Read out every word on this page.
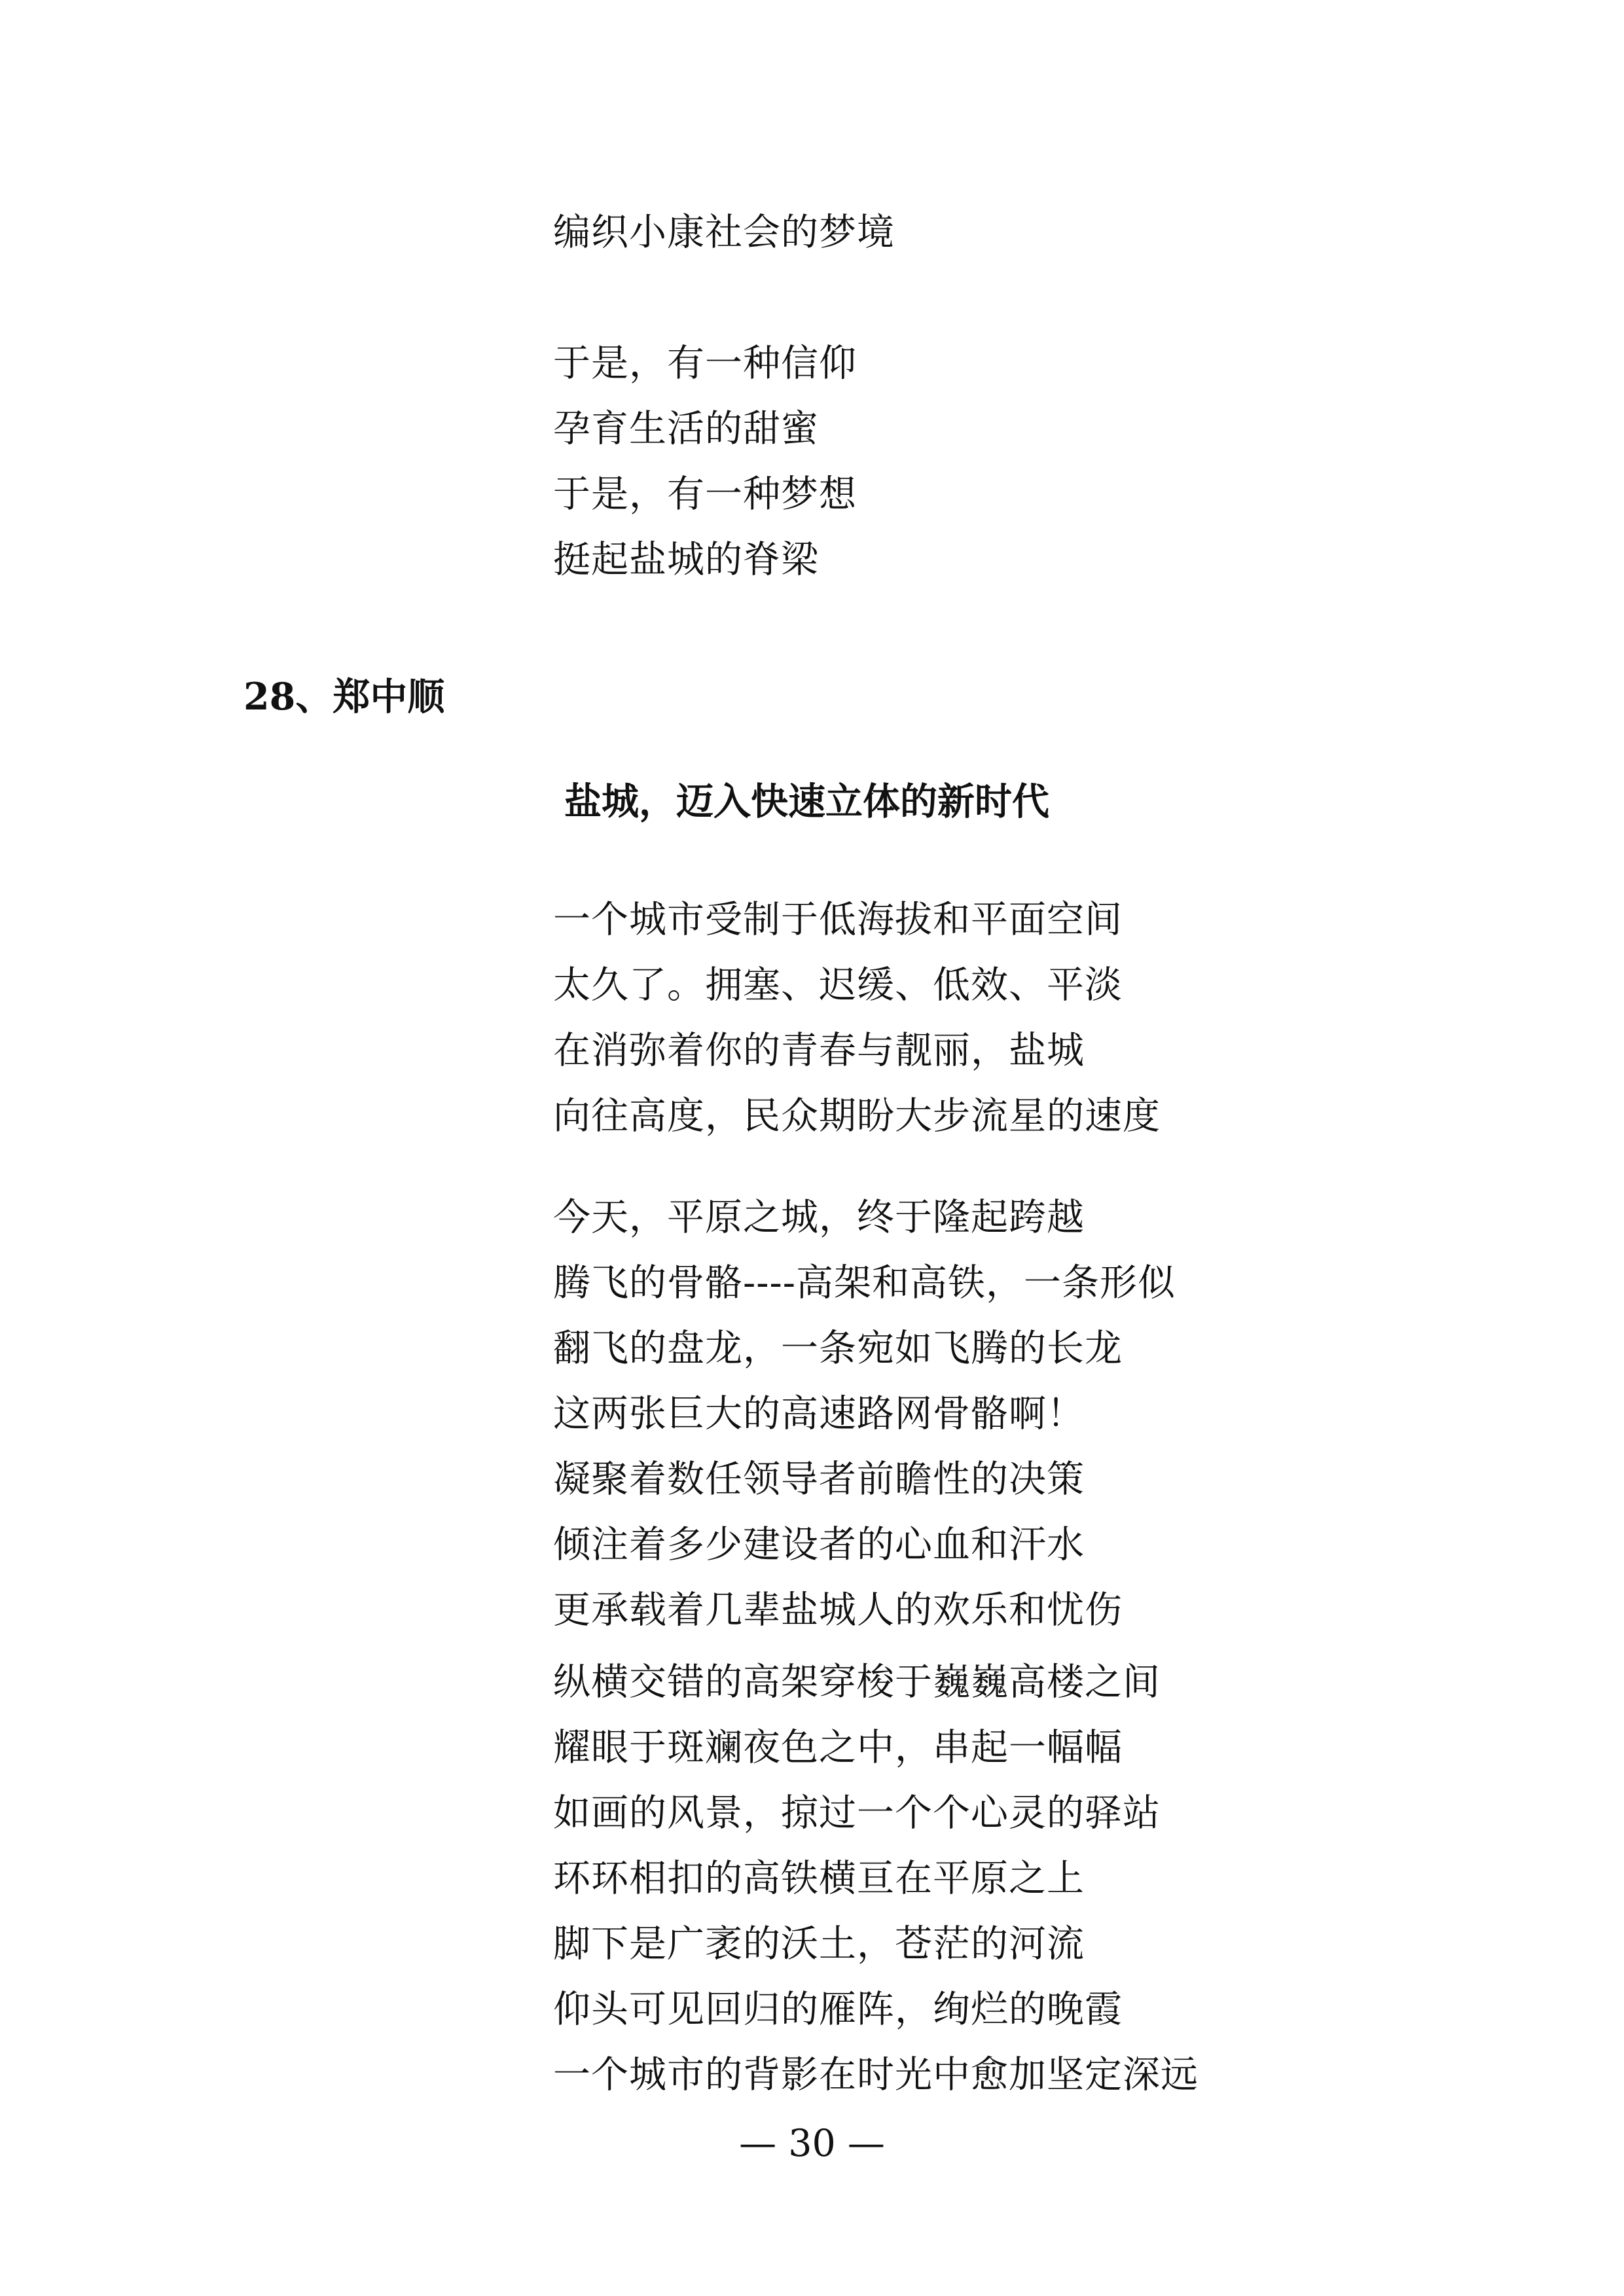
编织小康社会的梦境
于是，有一种信仰
孕育生活的甜蜜
于是，有一种梦想
挺起盐城的脊梁
28、郑中顺
盐城，迈入快速立体的新时代
一个城市受制于低海拔和平面空间
太久了。拥塞、迟缓、低效、平淡
在消弥着你的青春与靓丽，盐城
向往高度，民众期盼大步流星的速度
今天，平原之城，终于隆起跨越
腾飞的骨骼----高架和高铁，一条形似
翻飞的盘龙，一条宛如飞腾的长龙
这两张巨大的高速路网骨骼啊！
凝聚着数任领导者前瞻性的决策
倾注着多少建设者的心血和汗水
更承载着几辈盐城人的欢乐和忧伤
纵横交错的高架穿梭于巍巍高楼之间
耀眼于斑斓夜色之中，串起一幅幅
如画的风景，掠过一个个心灵的驿站
环环相扣的高铁横亘在平原之上
脚下是广袤的沃土，苍茫的河流
仰头可见回归的雁阵，绚烂的晚霞
一个城市的背影在时光中愈加坚定深远
— 30 —
